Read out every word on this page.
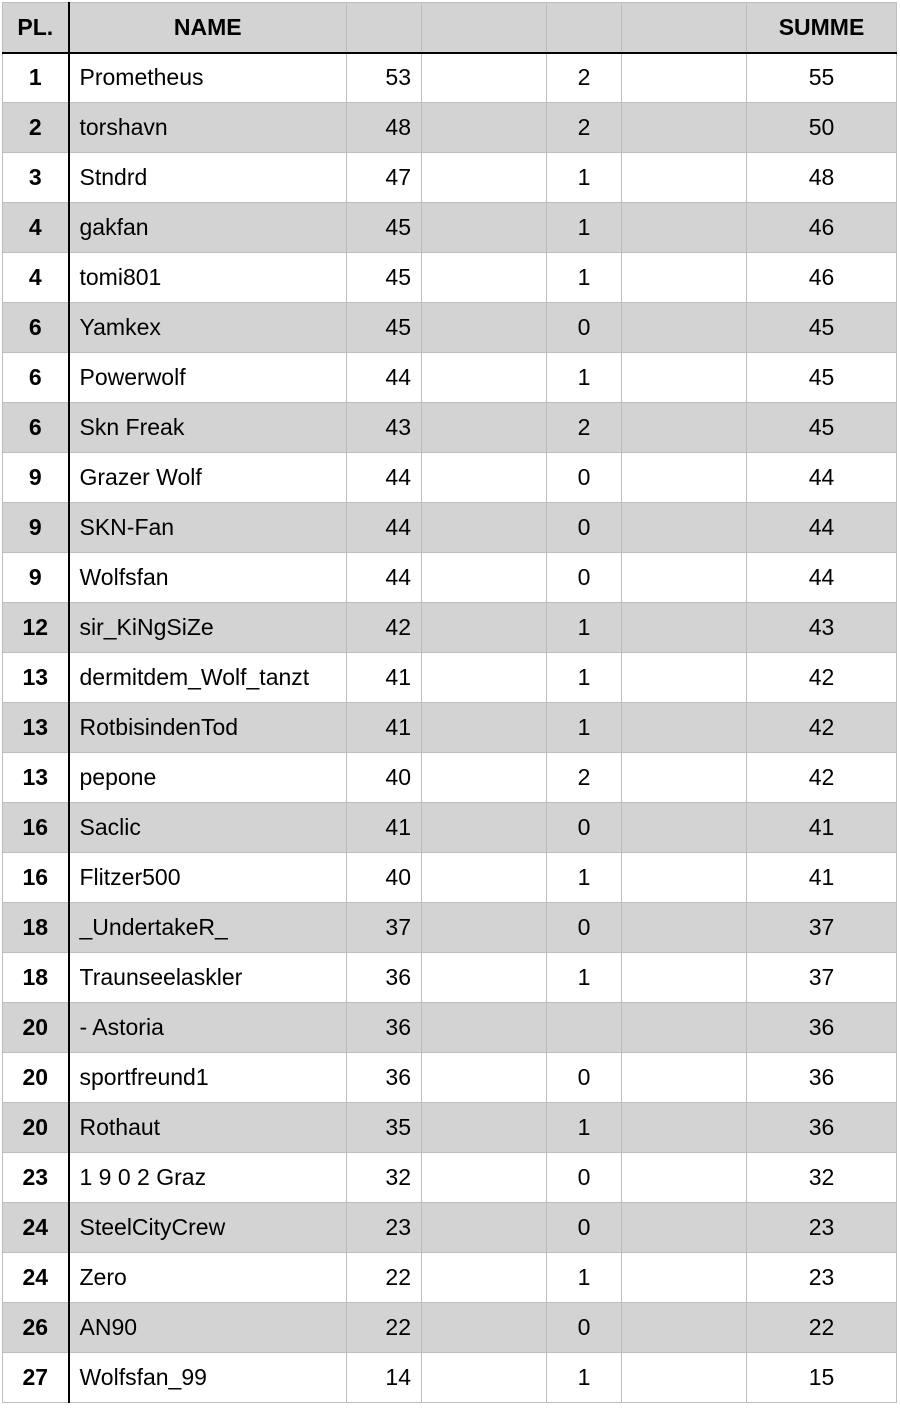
PL.	NAME					SUMME
1	Prometheus	53		2		55
2	torshavn	48		2		50
3	Stndrd	47		1		48
4	gakfan	45		1		46
4	tomi801	45		1		46
6	Yamkex	45		0		45
6	Powerwolf	44		1		45
6	Skn Freak	43		2		45
9	Grazer Wolf	44		0		44
9	SKN-Fan	44		0		44
9	Wolfsfan	44		0		44
12	sir_KiNgSiZe	42		1		43
13	dermitdem_Wolf_tanzt	41		1		42
13	RotbisindenTod	41		1		42
13	pepone	40		2		42
16	Saclic	41		0		41
16	Flitzer500	40		1		41
18	_UndertakeR_	37		0		37
18	Traunseelaskler	36		1		37
20	- Astoria	36				36
20	sportfreund1	36		0		36
20	Rothaut	35		1		36
23	1 9 0 2 Graz	32		0		32
24	SteelCityCrew	23		0		23
24	Zero	22		1		23
26	AN90	22		0		22
27	Wolfsfan_99	14		1		15
